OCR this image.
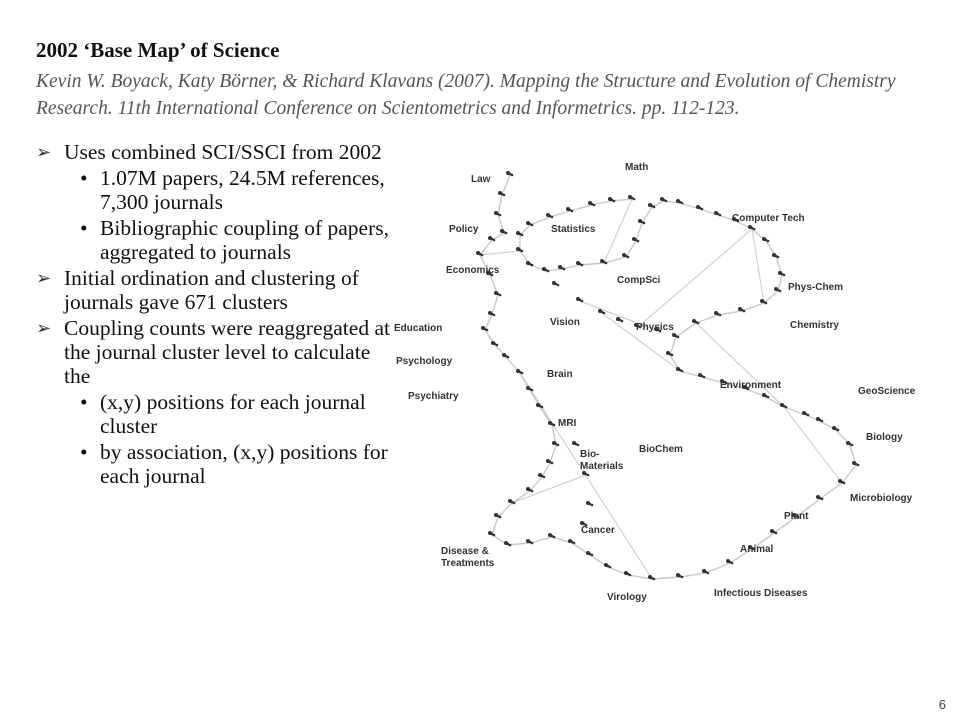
2002 ‘Base Map’ of Science
Kevin W. Boyack, Katy Börner, & Richard Klavans (2007). Mapping the Structure and Evolution of Chemistry Research. 11th International Conference on Scientometrics and Informetrics. pp. 112-123.
➢ Uses combined SCI/SSCI from 2002
• 1.07M papers, 24.5M references, 7,300 journals
• Bibliographic coupling of papers, aggregated to journals
➢ Initial ordination and clustering of journals gave 671 clusters
➢ Coupling counts were reaggregated at the journal cluster level to calculate the
• (x,y) positions for each journal cluster
• by association, (x,y) positions for each journal
Math
Law
Computer Tech
Policy	Statistics
Economics
CompSci
Phys-Chem
Education
Vision	Physics	Chemistry
Psychology
Brain
Environment
GeoScience
Psychiatry
MRI
BioChem
Biology
Bio-
Materials
Microbiology
Plant
Cancer
Disease &
Treatments
Animal
Virology	Infectious Diseases
6
